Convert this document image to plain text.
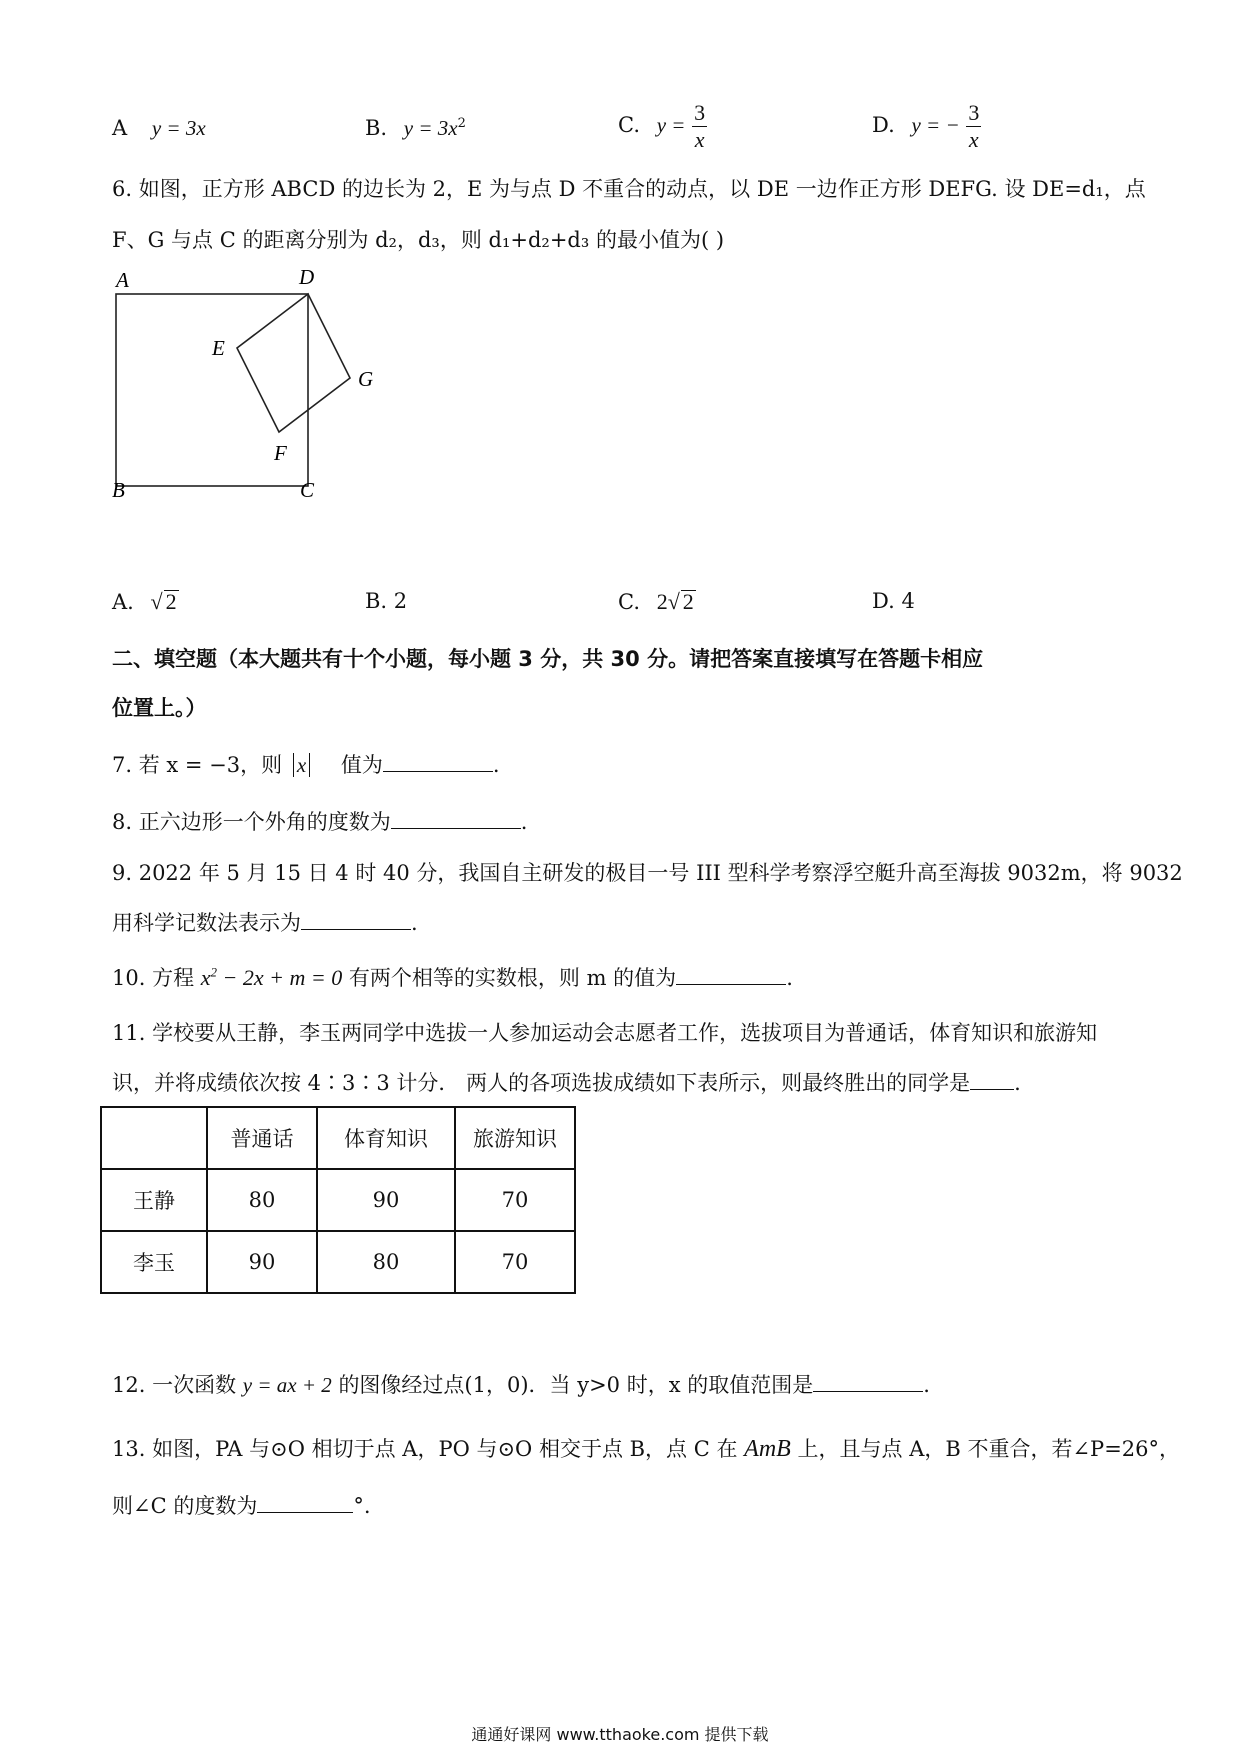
A y = 3x	B. $y = 3x^2$	C. $y = \frac{3}{x}$	D. y = − $\frac{3}{x}$
6. 如图，正方形 ABCD 的边长为 2，E 为与点 D 不重合的动点，以 DE 一边作正方形 DEFG. 设 DE=d₁，点
F、G 与点 C 的距离分别为 d₂，d₃，则 d₁+d₂+d₃ 的最小值为( )
A	D
E
G
F
B	C
A. √ 2	B. 2	C. 2√ 2	D. 4
二、填空题（本大题共有十个小题，每小题 3 分，共 30 分。请把答案直接填写在答题卡相应
位置上。）
7. 若 x = −3，则 x 值为	.
8. 正六边形一个外角的度数为	.
9. 2022 年 5 月 15 日 4 时 40 分，我国自主研发的极目一号 III 型科学考察浮空艇升高至海拔 9032m，将 9032
用科学记数法表示为	.
10. 方程 $x^2 - 2x + m = 0$ 有两个相等的实数根，则 m 的值为	.
11. 学校要从王静，李玉两同学中选拔一人参加运动会志愿者工作，选拔项目为普通话，体育知识和旅游知
识，并将成绩依次按 4∶3∶3 计分． 两人的各项选拔成绩如下表所示，则最终胜出的同学是 .
	普通话	体育知识	旅游知识
王静	80	90	70
李玉	90	80	70
12. 一次函数 y = ax + 2 的图像经过点(1，0)．当 y>0 时，x 的取值范围是	.
13. 如图，PA 与⊙O 相切于点 A，PO 与⊙O 相交于点 B，点 C 在 AmB 上，且与点 A，B 不重合，若∠P=26°，
则∠C 的度数为	°.
通通好课网 www.tthaoke.com 提供下载
